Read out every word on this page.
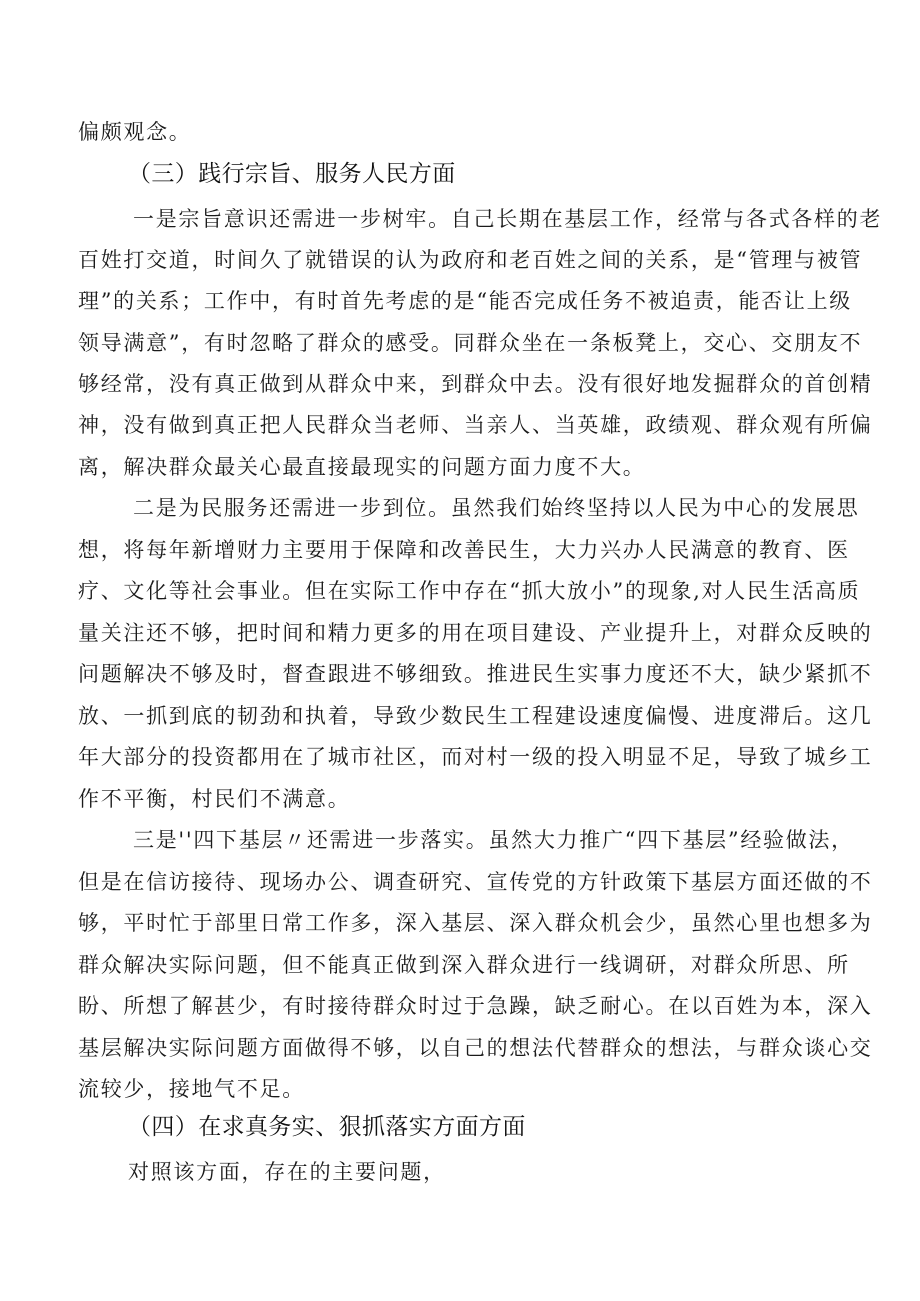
偏颇观念。
（三）践行宗旨、服务人民方面
一是宗旨意识还需进一步树牢。自己长期在基层工作，经常与各式各样的老
百姓打交道，时间久了就错误的认为政府和老百姓之间的关系，是“管理与被管
理”的关系；工作中，有时首先考虑的是“能否完成任务不被追责，能否让上级
领导满意”，有时忽略了群众的感受。同群众坐在一条板凳上，交心、交朋友不
够经常，没有真正做到从群众中来，到群众中去。没有很好地发掘群众的首创精
神，没有做到真正把人民群众当老师、当亲人、当英雄，政绩观、群众观有所偏
离，解决群众最关心最直接最现实的问题方面力度不大。
二是为民服务还需进一步到位。虽然我们始终坚持以人民为中心的发展思
想，将每年新增财力主要用于保障和改善民生，大力兴办人民满意的教育、医
疗、文化等社会事业。但在实际工作中存在“抓大放小”的现象,对人民生活高质
量关注还不够，把时间和精力更多的用在项目建设、产业提升上，对群众反映的
问题解决不够及时，督查跟进不够细致。推进民生实事力度还不大，缺少紧抓不
放、一抓到底的韧劲和执着，导致少数民生工程建设速度偏慢、进度滞后。这几
年大部分的投资都用在了城市社区，而对村一级的投入明显不足，导致了城乡工
作不平衡，村民们不满意。
三是''四下基层〃还需进一步落实。虽然大力推广“四下基层”经验做法，
但是在信访接待、现场办公、调查研究、宣传党的方针政策下基层方面还做的不
够，平时忙于部里日常工作多，深入基层、深入群众机会少，虽然心里也想多为
群众解决实际问题，但不能真正做到深入群众进行一线调研，对群众所思、所
盼、所想了解甚少，有时接待群众时过于急躁，缺乏耐心。在以百姓为本，深入
基层解决实际问题方面做得不够，以自己的想法代替群众的想法，与群众谈心交
流较少，接地气不足。
（四）在求真务实、狠抓落实方面方面
对照该方面，存在的主要问题，
